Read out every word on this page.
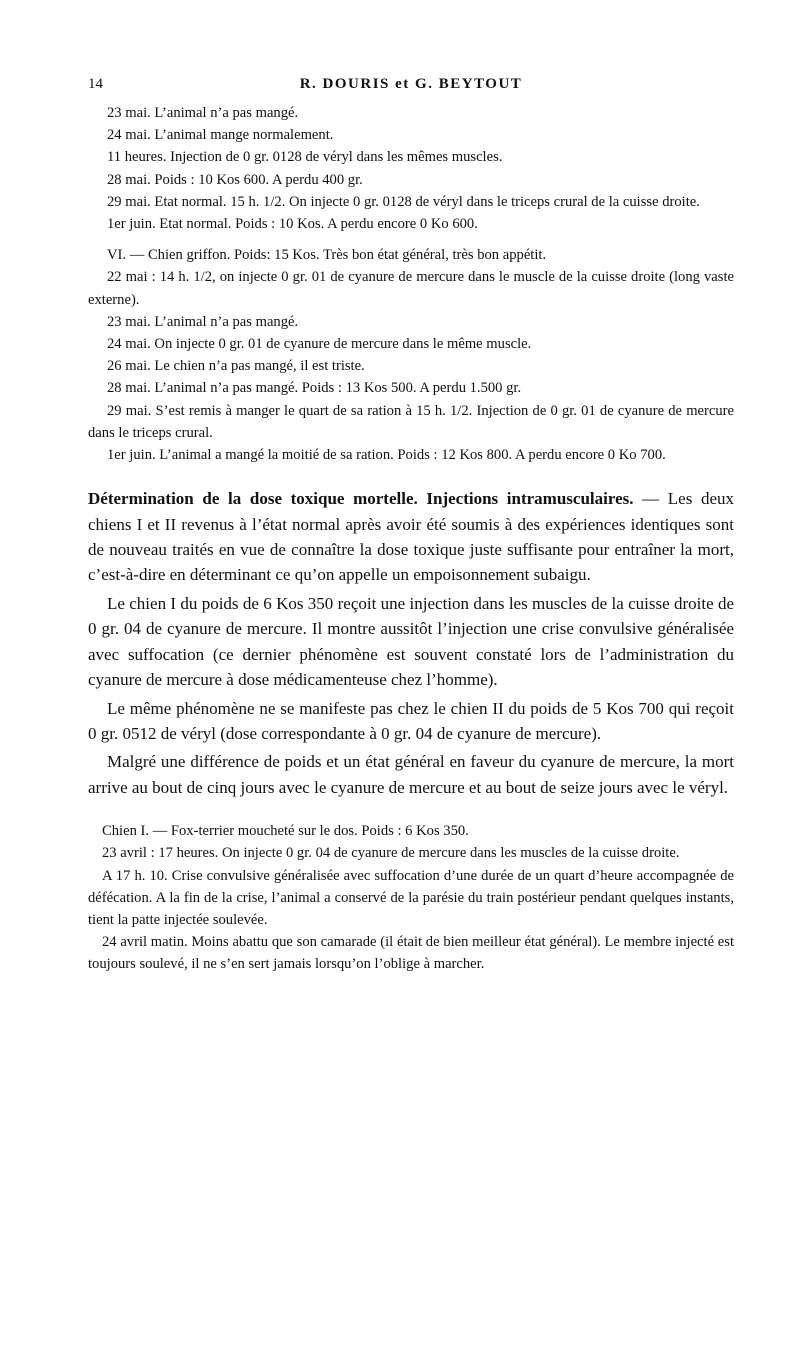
14	R. DOURIS et G. BEYTOUT

23 mai. L’animal n’a pas mangé.

24 mai. L’animal mange normalement.

11 heures. Injection de 0 gr. 0128 de véryl dans les mêmes muscles.

28 mai. Poids : 10 Kos 600. A perdu 400 gr.

29 mai. Etat normal. 15 h. 1/2. On injecte 0 gr. 0128 de véryl dans le triceps crural de la cuisse droite.

1er juin. Etat normal. Poids : 10 Kos. A perdu encore 0 Ko 600.

VI. — Chien griffon. Poids: 15 Kos. Très bon état général, très bon appétit.

22 mai : 14 h. 1/2, on injecte 0 gr. 01 de cyanure de mercure dans le muscle de la cuisse droite (long vaste externe).

23 mai. L’animal n’a pas mangé.

24 mai. On injecte 0 gr. 01 de cyanure de mercure dans le même muscle.

26 mai. Le chien n’a pas mangé, il est triste.

28 mai. L’animal n’a pas mangé. Poids : 13 Kos 500. A perdu 1.500 gr.

29 mai. S’est remis à manger le quart de sa ration à 15 h. 1/2. Injection de 0 gr. 01 de cyanure de mercure dans le triceps crural.

1er juin. L’animal a mangé la moitié de sa ration. Poids : 12 Kos 800. A perdu encore 0 Ko 700.

Détermination de la dose toxique mortelle. Injections intramusculaires. — Les deux chiens I et II revenus à l’état normal après avoir été soumis à des expériences identiques sont de nouveau traités en vue de connaître la dose toxique juste suffisante pour entraîner la mort, c’est-à-dire en déterminant ce qu’on appelle un empoisonnement subaigu.

Le chien I du poids de 6 Kos 350 reçoit une injection dans les muscles de la cuisse droite de 0 gr. 04 de cyanure de mercure. Il montre aussitôt l’injection une crise convulsive généralisée avec suffocation (ce dernier phénomène est souvent constaté lors de l’administration du cyanure de mercure à dose médicamenteuse chez l’homme).

Le même phénomène ne se manifeste pas chez le chien II du poids de 5 Kos 700 qui reçoit 0 gr. 0512 de véryl (dose correspondante à 0 gr. 04 de cyanure de mercure).

Malgré une différence de poids et un état général en faveur du cyanure de mercure, la mort arrive au bout de cinq jours avec le cyanure de mercure et au bout de seize jours avec le véryl.

Chien I. — Fox-terrier moucheté sur le dos. Poids : 6 Kos 350.

23 avril : 17 heures. On injecte 0 gr. 04 de cyanure de mercure dans les muscles de la cuisse droite.

A 17 h. 10. Crise convulsive généralisée avec suffocation d’une durée de un quart d’heure accompagnée de défécation. A la fin de la crise, l’animal a conservé de la parésie du train postérieur pendant quelques instants, tient la patte injectée soulevée.

24 avril matin. Moins abattu que son camarade (il était de bien meilleur état général). Le membre injecté est toujours soulevé, il ne s’en sert jamais lorsqu’on l’oblige à marcher.
